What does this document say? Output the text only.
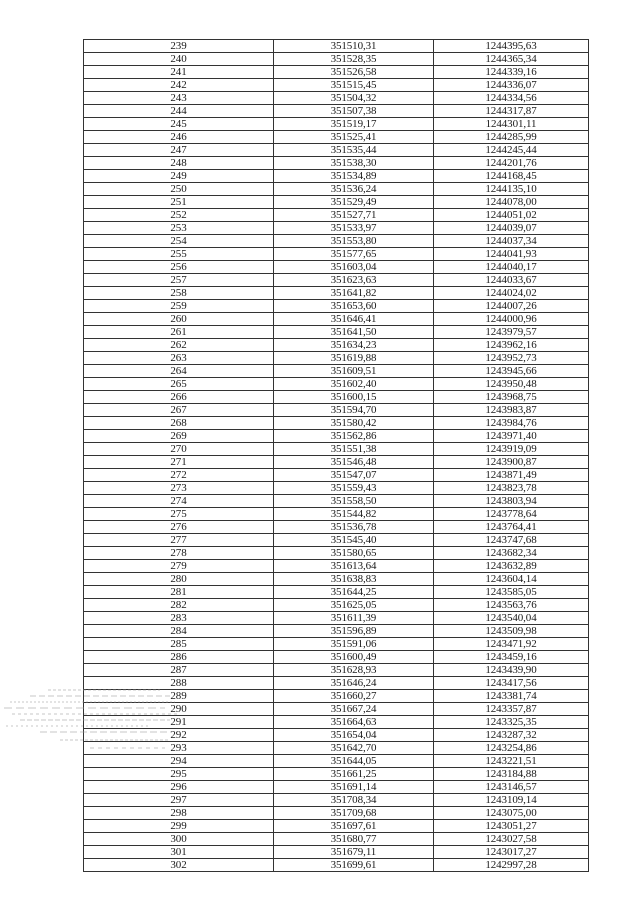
239	351510,31	1244395,63
240	351528,35	1244365,34
241	351526,58	1244339,16
242	351515,45	1244336,07
243	351504,32	1244334,56
244	351507,38	1244317,87
245	351519,17	1244301,11
246	351525,41	1244285,99
247	351535,44	1244245,44
248	351538,30	1244201,76
249	351534,89	1244168,45
250	351536,24	1244135,10
251	351529,49	1244078,00
252	351527,71	1244051,02
253	351533,97	1244039,07
254	351553,80	1244037,34
255	351577,65	1244041,93
256	351603,04	1244040,17
257	351623,63	1244033,67
258	351641,82	1244024,02
259	351653,60	1244007,26
260	351646,41	1244000,96
261	351641,50	1243979,57
262	351634,23	1243962,16
263	351619,88	1243952,73
264	351609,51	1243945,66
265	351602,40	1243950,48
266	351600,15	1243968,75
267	351594,70	1243983,87
268	351580,42	1243984,76
269	351562,86	1243971,40
270	351551,38	1243919,09
271	351546,48	1243900,87
272	351547,07	1243871,49
273	351559,43	1243823,78
274	351558,50	1243803,94
275	351544,82	1243778,64
276	351536,78	1243764,41
277	351545,40	1243747,68
278	351580,65	1243682,34
279	351613,64	1243632,89
280	351638,83	1243604,14
281	351644,25	1243585,05
282	351625,05	1243563,76
283	351611,39	1243540,04
284	351596,89	1243509,98
285	351591,06	1243471,92
286	351600,49	1243459,16
287	351628,93	1243439,90
288	351646,24	1243417,56
289	351660,27	1243381,74
290	351667,24	1243357,87
291	351664,63	1243325,35
292	351654,04	1243287,32
293	351642,70	1243254,86
294	351644,05	1243221,51
295	351661,25	1243184,88
296	351691,14	1243146,57
297	351708,34	1243109,14
298	351709,68	1243075,00
299	351697,61	1243051,27
300	351680,77	1243027,58
301	351679,11	1243017,27
302	351699,61	1242997,28
